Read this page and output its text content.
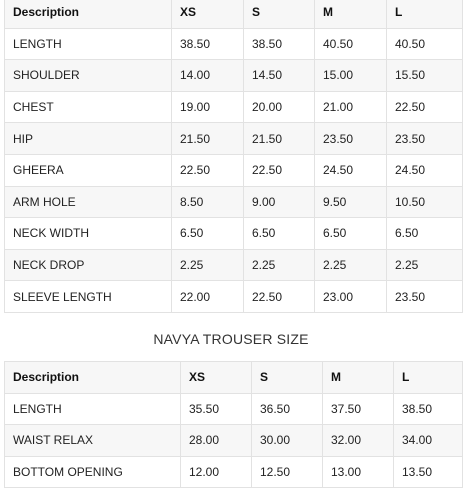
Description	XS	S	M	L
LENGTH	38.50	38.50	40.50	40.50
SHOULDER	14.00	14.50	15.00	15.50
CHEST	19.00	20.00	21.00	22.50
HIP	21.50	21.50	23.50	23.50
GHEERA	22.50	22.50	24.50	24.50
ARM HOLE	8.50	9.00	9.50	10.50
NECK WIDTH	6.50	6.50	6.50	6.50
NECK DROP	2.25	2.25	2.25	2.25
SLEEVE LENGTH	22.00	22.50	23.00	23.50
NAVYA TROUSER SIZE
Description	XS	S	M	L
LENGTH	35.50	36.50	37.50	38.50
WAIST RELAX	28.00	30.00	32.00	34.00
BOTTOM OPENING	12.00	12.50	13.00	13.50
